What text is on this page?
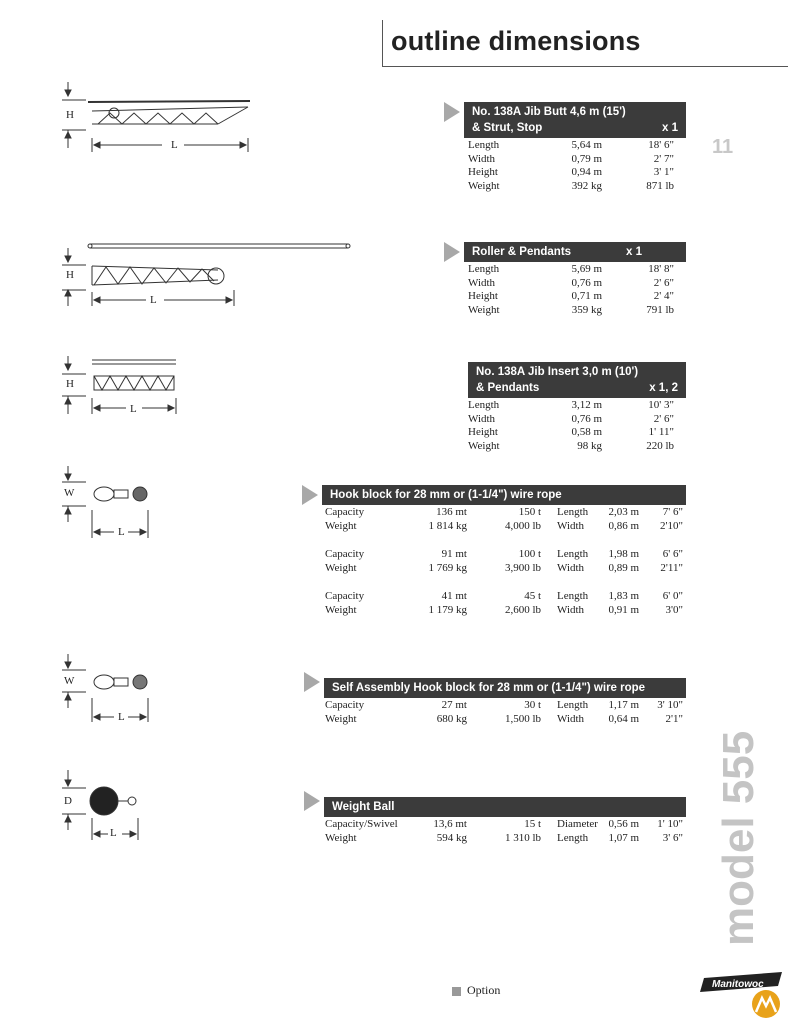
outline dimensions
11
model 555
H
L
H
L
H
L
W
L
W
L
D
L
No. 138A Jib Butt 4,6 m (15')
& Strut, Stop	x 1
Length	5,64 m	18' 6"
Width	0,79 m	2' 7"
Height	0,94 m	3' 1"
Weight	392 kg	871 lb
Roller & Pendants	x 1
Length	5,69 m	18' 8"
Width	0,76 m	2' 6"
Height	0,71 m	2' 4"
Weight	359 kg	791 lb
No. 138A Jib Insert 3,0 m (10')
& Pendants	x 1, 2
Length	3,12 m	10' 3"
Width	0,76 m	2' 6"
Height	0,58 m	1' 11"
Weight	98 kg	220 lb
Hook block for 28 mm or (1-1/4") wire rope
Capacity	136 mt	150 t Length 2,03 m 7' 6"
Weight	1 814 kg	4,000 lb Width 0,86 m 2'10"
Capacity	91 mt	100 t Length 1,98 m 6' 6"
Weight	1 769 kg	3,900 lb Width 0,89 m 2'11"
Capacity	41 mt	45 t Length 1,83 m 6' 0"
Weight	1 179 kg	2,600 lb Width 0,91 m 3'0"
Self Assembly Hook block for 28 mm or (1-1/4") wire rope
Capacity	27 mt	30 t Length 1,17 m 3' 10"
Weight	680 kg	1,500 lb Width 0,64 m 2'1"
Weight Ball
Capacity/Swivel	13,6 mt	15 t Diameter 0,56 m 1' 10"
Weight	594 kg	1 310 lb Length 1,07 m 3' 6"
Option	Manitowoc
